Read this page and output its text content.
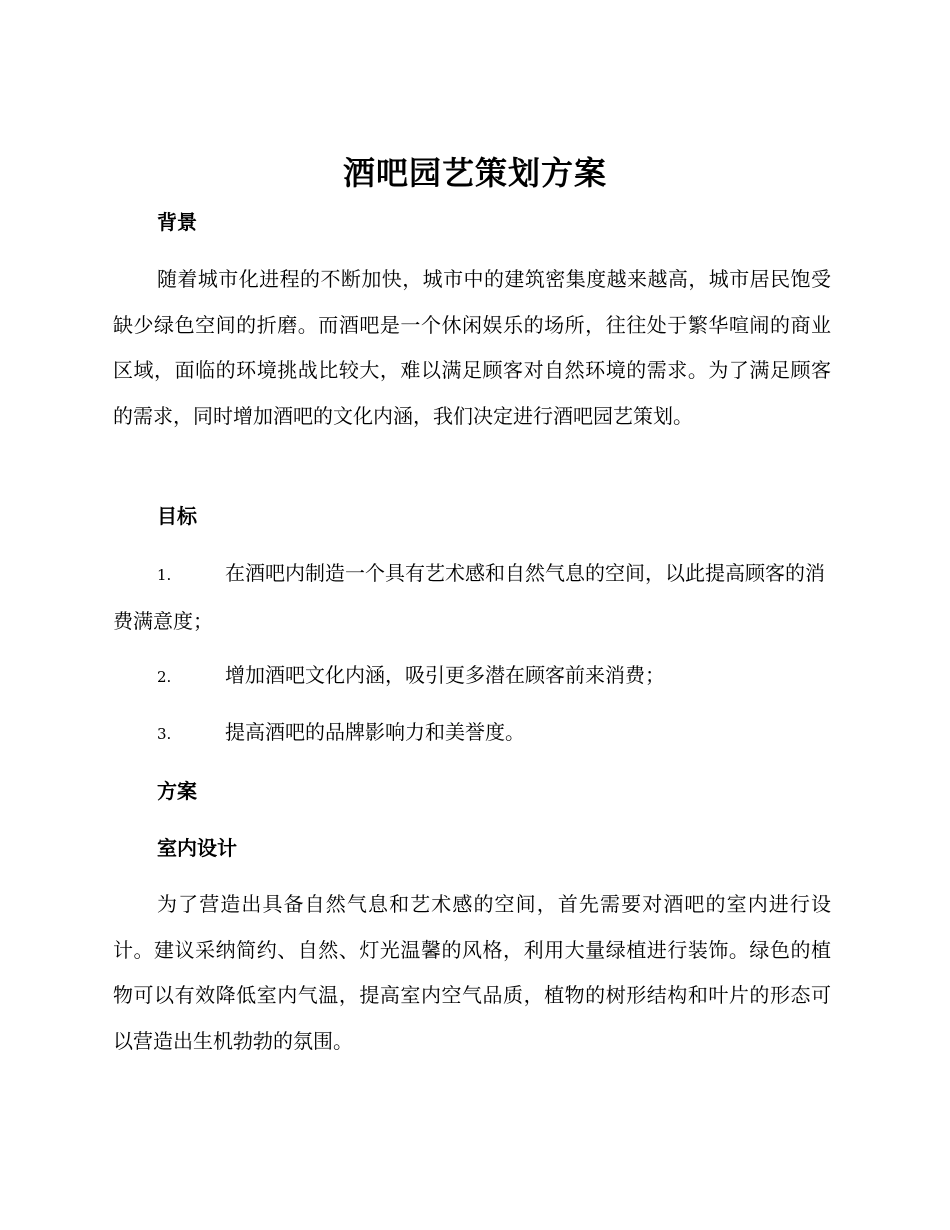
酒吧园艺策划方案
背景

随着城市化进程的不断加快，城市中的建筑密集度越来越高，城市居民饱受缺少绿色空间的折磨。而酒吧是一个休闲娱乐的场所，往往处于繁华喧闹的商业区域，面临的环境挑战比较大，难以满足顾客对自然环境的需求。为了满足顾客的需求，同时增加酒吧的文化内涵，我们决定进行酒吧园艺策划。

目标

1.	在酒吧内制造一个具有艺术感和自然气息的空间，以此提高顾客的消费满意度；

2.	增加酒吧文化内涵，吸引更多潜在顾客前来消费；

3.	提高酒吧的品牌影响力和美誉度。

方案
室内设计

为了营造出具备自然气息和艺术感的空间，首先需要对酒吧的室内进行设计。建议采纳简约、自然、灯光温馨的风格，利用大量绿植进行装饰。绿色的植物可以有效降低室内气温，提高室内空气品质，植物的树形结构和叶片的形态可以营造出生机勃勃的氛围。
